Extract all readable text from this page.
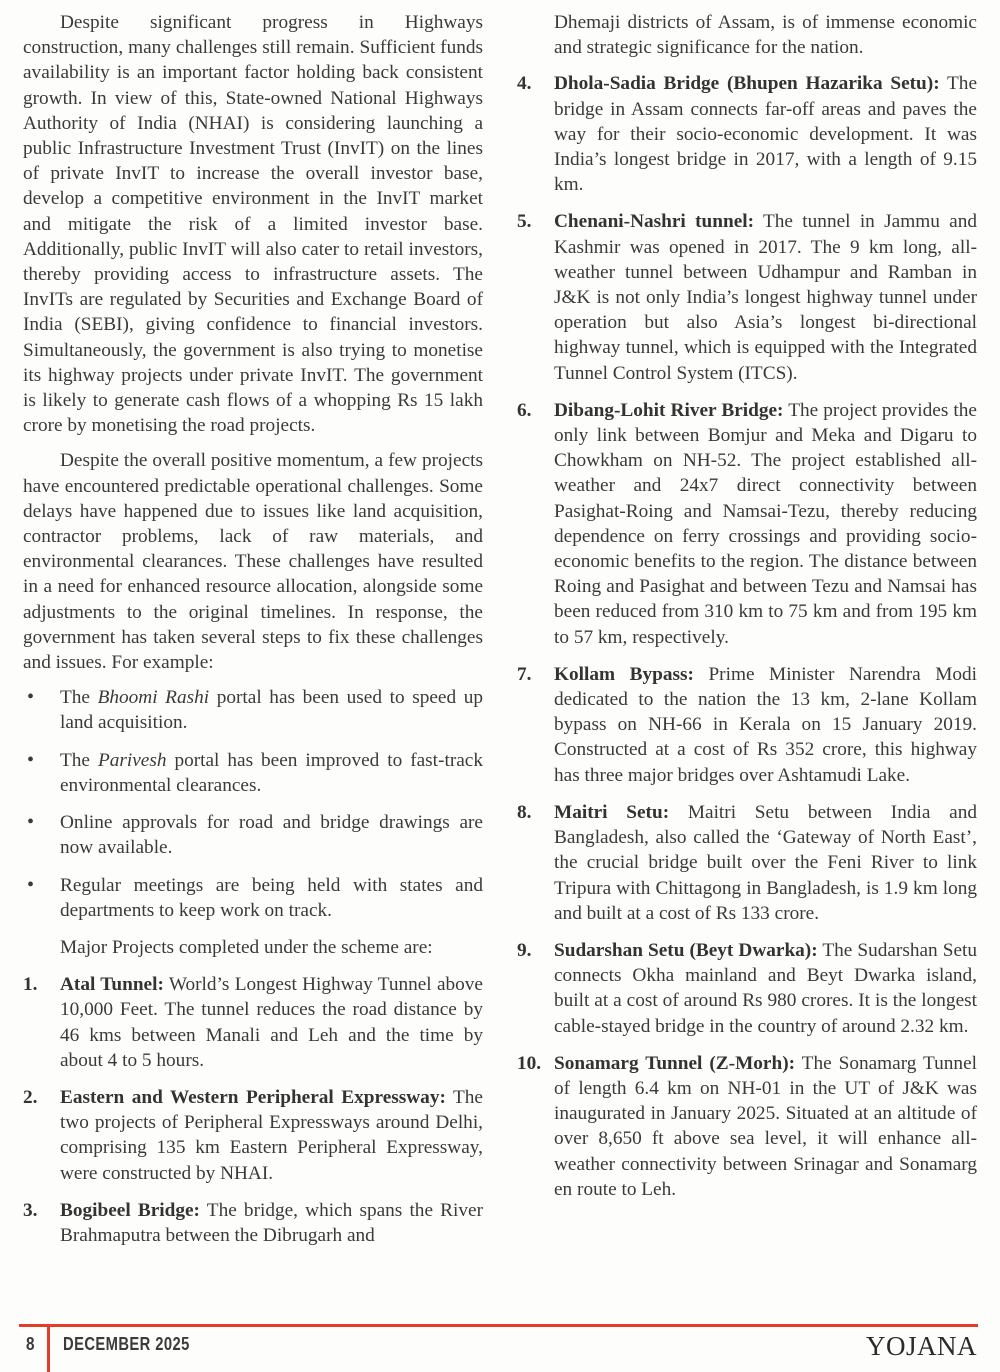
Despite significant progress in Highways construction, many challenges still remain. Sufficient funds availability is an important factor holding back consistent growth. In view of this, State-owned National Highways Authority of India (NHAI) is considering launching a public Infrastructure Investment Trust (InvIT) on the lines of private InvIT to increase the overall investor base, develop a competitive environment in the InvIT market and mitigate the risk of a limited investor base. Additionally, public InvIT will also cater to retail investors, thereby providing access to infrastructure assets. The InvITs are regulated by Securities and Exchange Board of India (SEBI), giving confidence to financial investors. Simultaneously, the government is also trying to monetise its highway projects under private InvIT. The government is likely to generate cash flows of a whopping Rs 15 lakh crore by monetising the road projects.

Despite the overall positive momentum, a few projects have encountered predictable operational challenges. Some delays have happened due to issues like land acquisition, contractor problems, lack of raw materials, and environmental clearances. These challenges have resulted in a need for enhanced resource allocation, alongside some adjustments to the original timelines. In response, the government has taken several steps to fix these challenges and issues. For example:

•
The Bhoomi Rashi portal has been used to speed up land acquisition.
•
The Parivesh portal has been improved to fast-track environmental clearances.
•
Online approvals for road and bridge drawings are now available.
•
Regular meetings are being held with states and departments to keep work on track.

Major Projects completed under the scheme are:

1.	Atal Tunnel: World’s Longest Highway Tunnel above 10,000 Feet. The tunnel reduces the road distance by 46 kms between Manali and Leh and the time by about 4 to 5 hours.
2.	Eastern and Western Peripheral Expressway: The two projects of Peripheral Expressways around Delhi, comprising 135 km Eastern Peripheral Expressway, were constructed by NHAI.
3.	Bogibeel Bridge: The bridge, which spans the River Brahmaputra between the Dibrugarh and

Dhemaji districts of Assam, is of immense economic and strategic significance for the nation.

4.	Dhola-Sadia Bridge (Bhupen Hazarika Setu): The bridge in Assam connects far-off areas and paves the way for their socio-economic development. It was India’s longest bridge in 2017, with a length of 9.15 km.
5.	Chenani-Nashri tunnel: The tunnel in Jammu and Kashmir was opened in 2017. The 9 km long, all-weather tunnel between Udhampur and Ramban in J&K is not only India’s longest highway tunnel under operation but also Asia’s longest bi-directional highway tunnel, which is equipped with the Integrated Tunnel Control System (ITCS).
6.	Dibang-Lohit River Bridge: The project provides the only link between Bomjur and Meka and Digaru to Chowkham on NH-52. The project established all-weather and 24x7 direct connectivity between Pasighat-Roing and Namsai-Tezu, thereby reducing dependence on ferry crossings and providing socio-economic benefits to the region. The distance between Roing and Pasighat and between Tezu and Namsai has been reduced from 310 km to 75 km and from 195 km to 57 km, respectively.
7.	Kollam Bypass: Prime Minister Narendra Modi dedicated to the nation the 13 km, 2-lane Kollam bypass on NH-66 in Kerala on 15 January 2019. Constructed at a cost of Rs 352 crore, this highway has three major bridges over Ashtamudi Lake.
8.	Maitri Setu: Maitri Setu between India and Bangladesh, also called the ‘Gateway of North East’, the crucial bridge built over the Feni River to link Tripura with Chittagong in Bangladesh, is 1.9 km long and built at a cost of Rs 133 crore.
9.	Sudarshan Setu (Beyt Dwarka): The Sudarshan Setu connects Okha mainland and Beyt Dwarka island, built at a cost of around Rs 980 crores. It is the longest cable-stayed bridge in the country of around 2.32 km.
10. Sonamarg Tunnel (Z-Morh): The Sonamarg Tunnel of length 6.4 km on NH-01 in the UT of J&K was inaugurated in January 2025. Situated at an altitude of over 8,650 ft above sea level, it will enhance all-weather connectivity between Srinagar and Sonamarg en route to Leh.
8 DECEMBER 2025	YOJANA
